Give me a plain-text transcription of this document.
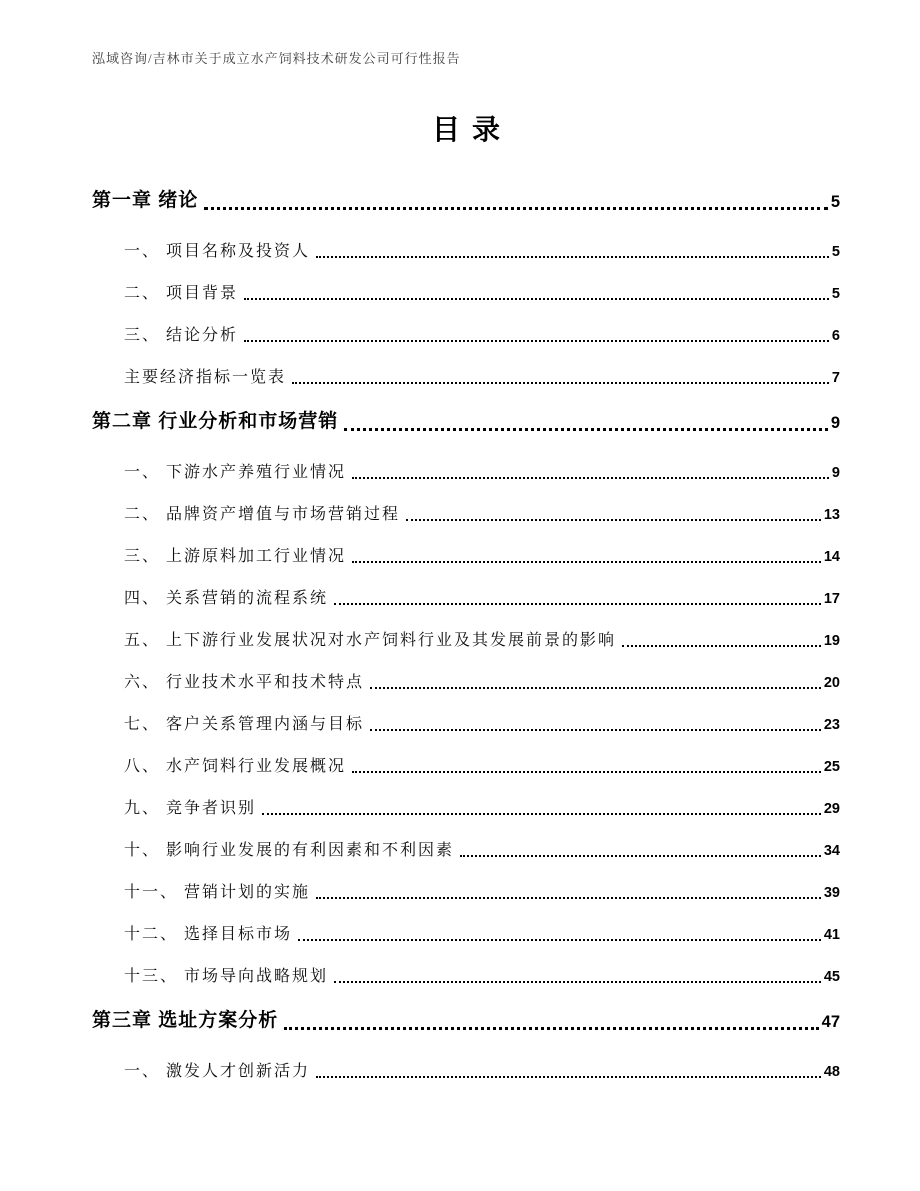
泓域咨询/吉林市关于成立水产饲料技术研发公司可行性报告
目录
第一章 绪论	5
一、 项目名称及投资人	5
二、 项目背景	5
三、 结论分析	6
主要经济指标一览表	7
第二章 行业分析和市场营销	9
一、 下游水产养殖行业情况	9
二、 品牌资产增值与市场营销过程	13
三、 上游原料加工行业情况	14
四、 关系营销的流程系统	17
五、 上下游行业发展状况对水产饲料行业及其发展前景的影响	19
六、 行业技术水平和技术特点	20
七、 客户关系管理内涵与目标	23
八、 水产饲料行业发展概况	25
九、 竞争者识别	29
十、 影响行业发展的有利因素和不利因素	34
十一、 营销计划的实施	39
十二、 选择目标市场	41
十三、 市场导向战略规划	45
第三章 选址方案分析	47
一、 激发人才创新活力	48
